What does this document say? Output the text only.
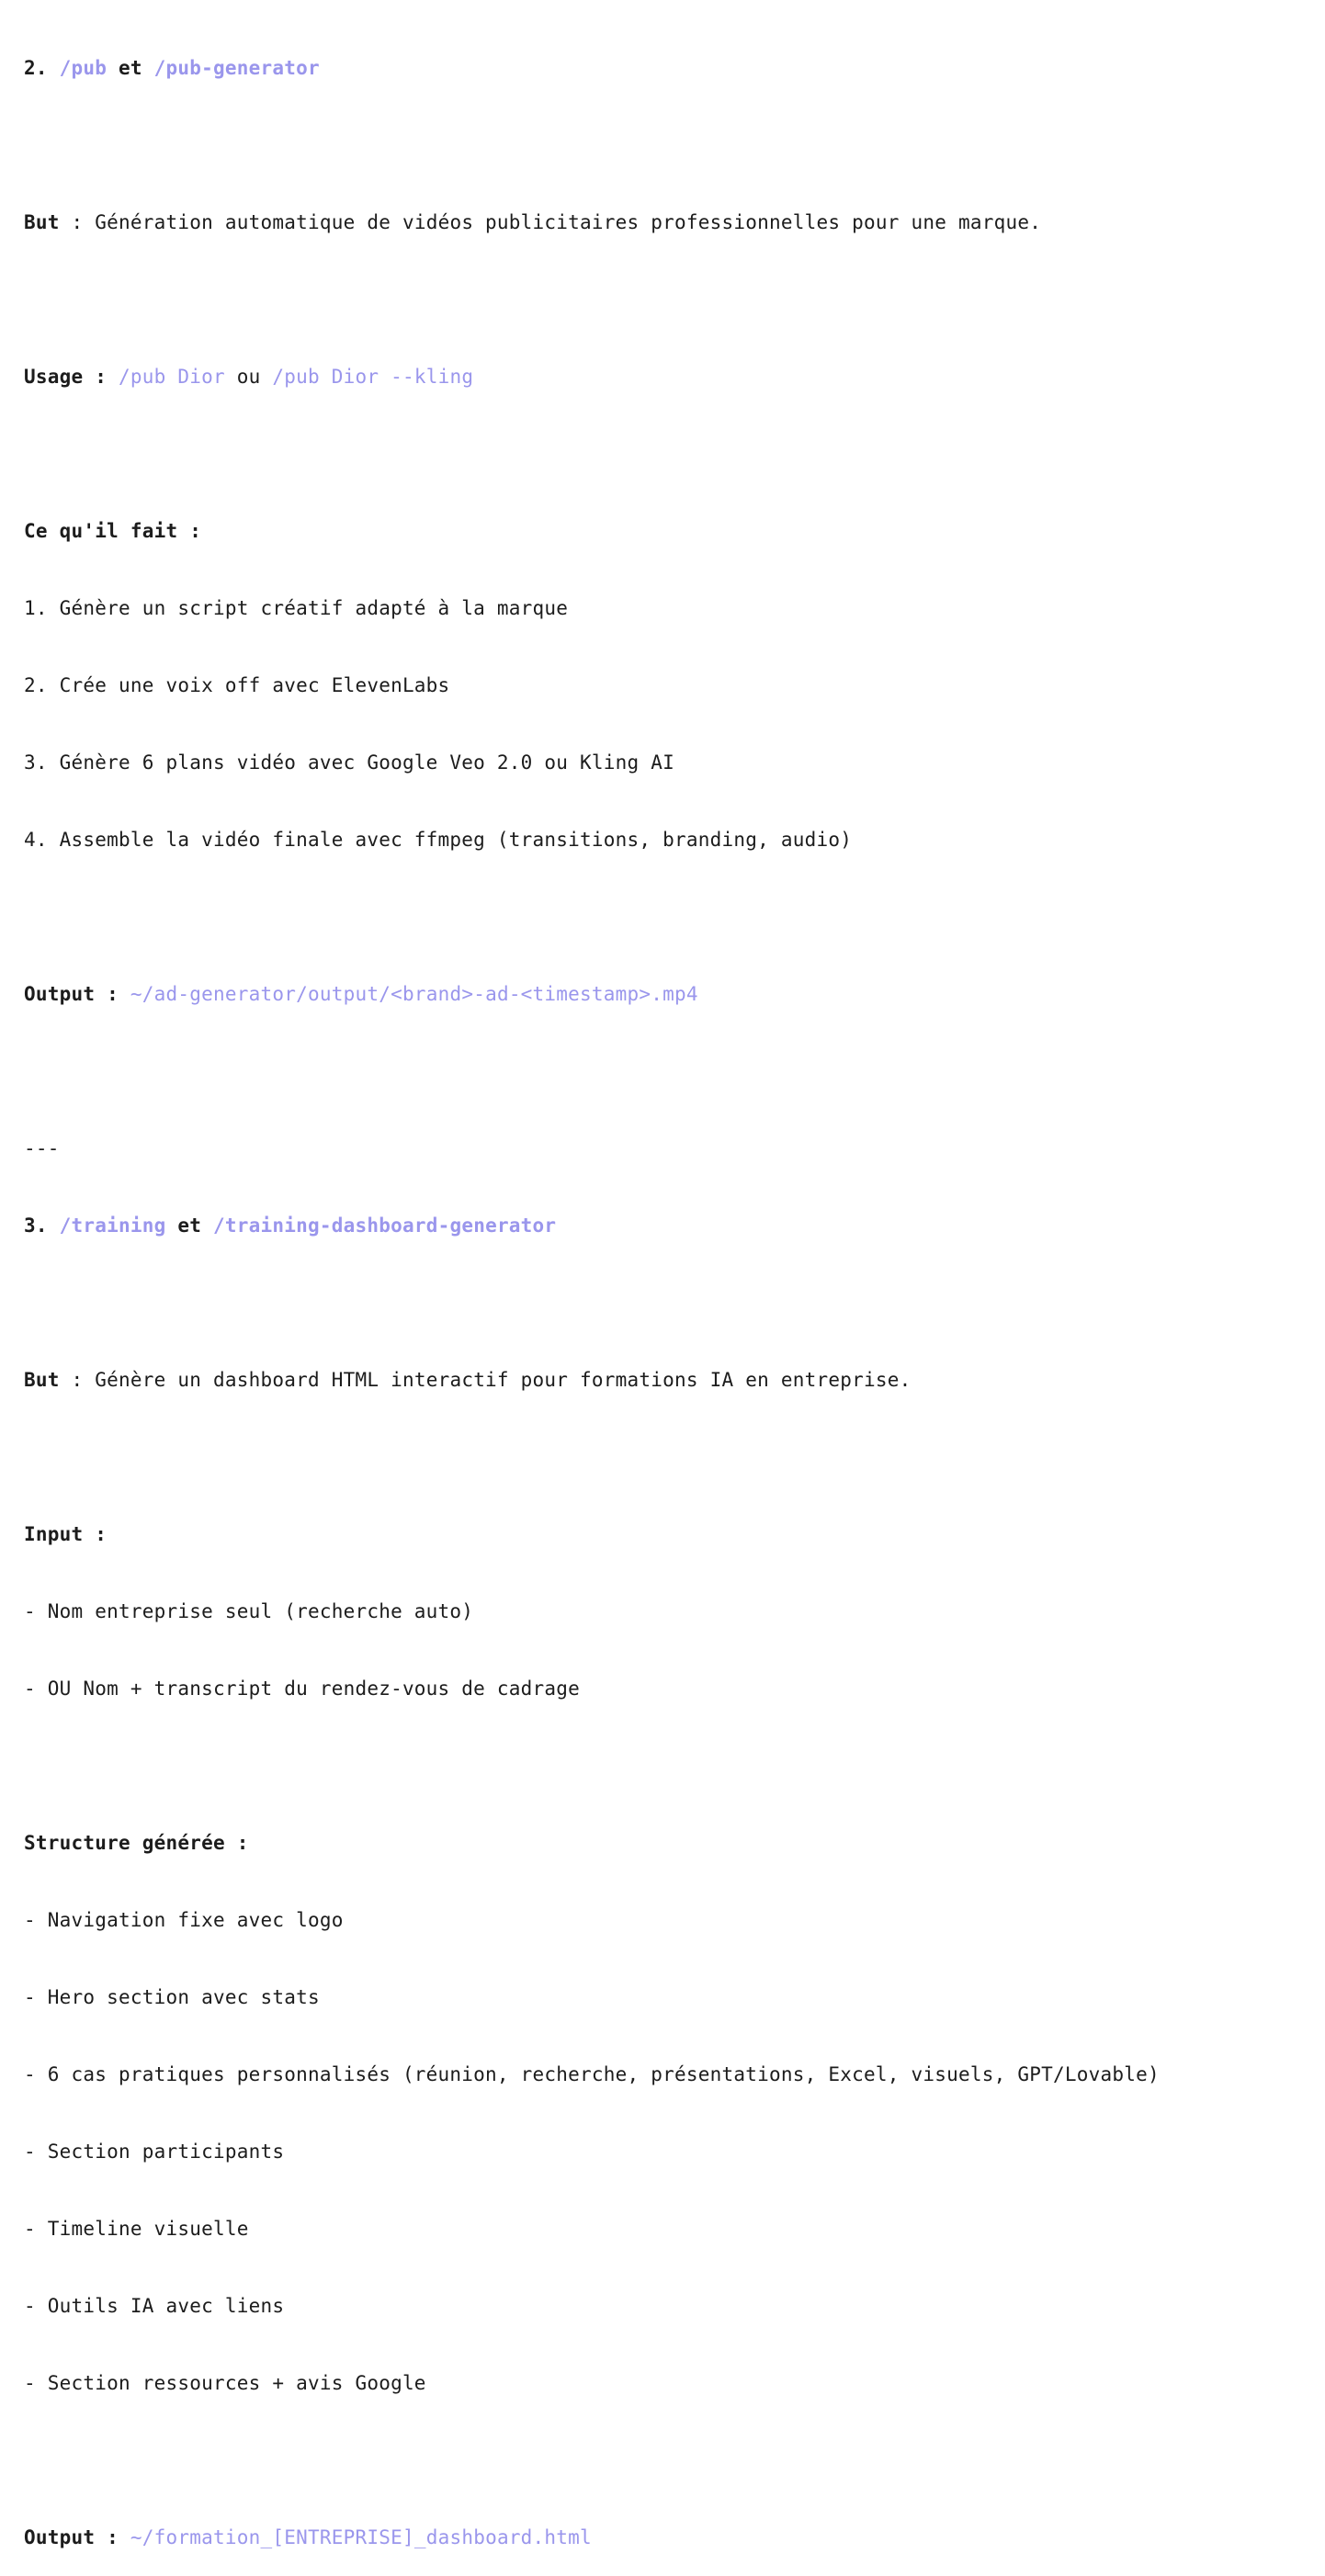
2. /pub et /pub-generator

But : Génération automatique de vidéos publicitaires professionnelles pour une marque.

Usage : /pub Dior ou /pub Dior --kling

Ce qu'il fait :

1. Génère un script créatif adapté à la marque

2. Crée une voix off avec ElevenLabs

3. Génère 6 plans vidéo avec Google Veo 2.0 ou Kling AI

4. Assemble la vidéo finale avec ffmpeg (transitions, branding, audio)

Output : ~/ad-generator/output/<brand>-ad-<timestamp>.mp4

---

3. /training et /training-dashboard-generator

But : Génère un dashboard HTML interactif pour formations IA en entreprise.

Input :

- Nom entreprise seul (recherche auto)

- OU Nom + transcript du rendez-vous de cadrage

Structure générée :

- Navigation fixe avec logo

- Hero section avec stats

- 6 cas pratiques personnalisés (réunion, recherche, présentations, Excel, visuels, GPT/Lovable)

- Section participants

- Timeline visuelle

- Outils IA avec liens

- Section ressources + avis Google

Output : ~/formation_[ENTREPRISE]_dashboard.html
